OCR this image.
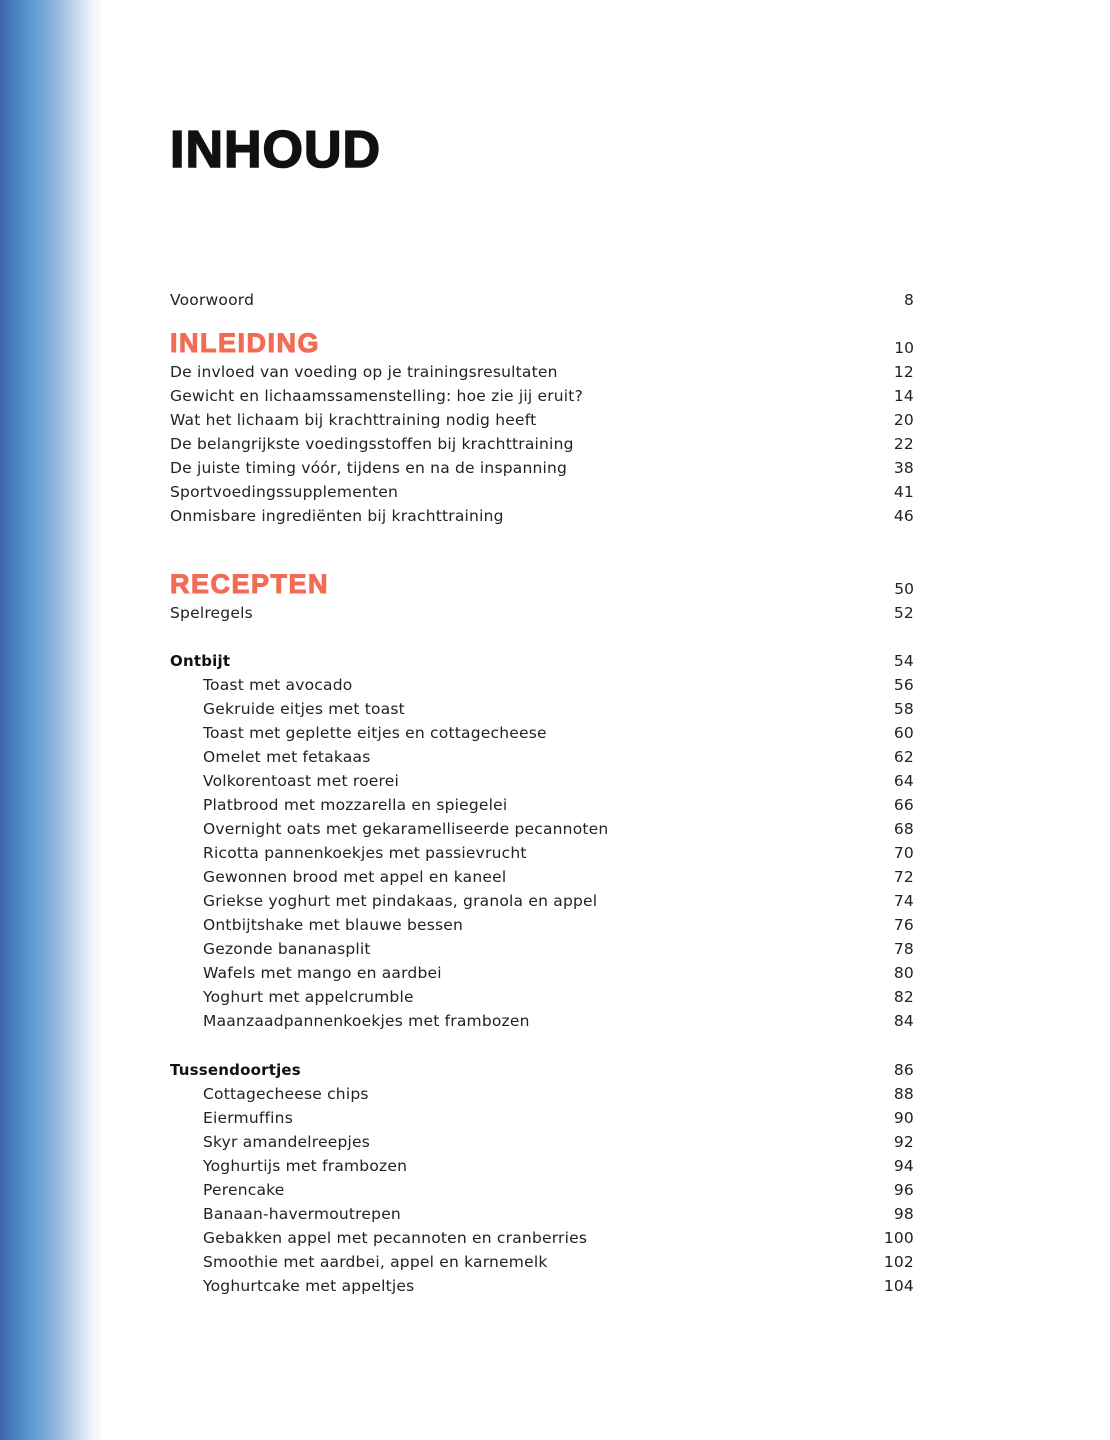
INHOUD
Voorwoord	8
INLEIDING	10
De invloed van voeding op je trainingsresultaten	12
Gewicht en lichaamssamenstelling: hoe zie jij eruit?	14
Wat het lichaam bij krachttraining nodig heeft	20
De belangrijkste voedingsstoffen bij krachttraining	22
De juiste timing vóór, tijdens en na de inspanning	38
Sportvoedingssupplementen	41
Onmisbare ingrediënten bij krachttraining	46
RECEPTEN	50
Spelregels	52
Ontbijt	54
Toast met avocado	56
Gekruide eitjes met toast	58
Toast met geplette eitjes en cottagecheese	60
Omelet met fetakaas	62
Volkorentoast met roerei	64
Platbrood met mozzarella en spiegelei	66
Overnight oats met gekaramelliseerde pecannoten	68
Ricotta pannenkoekjes met passievrucht	70
Gewonnen brood met appel en kaneel	72
Griekse yoghurt met pindakaas, granola en appel	74
Ontbijtshake met blauwe bessen	76
Gezonde bananasplit	78
Wafels met mango en aardbei	80
Yoghurt met appelcrumble	82
Maanzaadpannenkoekjes met frambozen	84
Tussendoortjes	86
Cottagecheese chips	88
Eiermuffins	90
Skyr amandelreepjes	92
Yoghurtijs met frambozen	94
Perencake	96
Banaan-havermoutrepen	98
Gebakken appel met pecannoten en cranberries	100
Smoothie met aardbei, appel en karnemelk	102
Yoghurtcake met appeltjes	104
